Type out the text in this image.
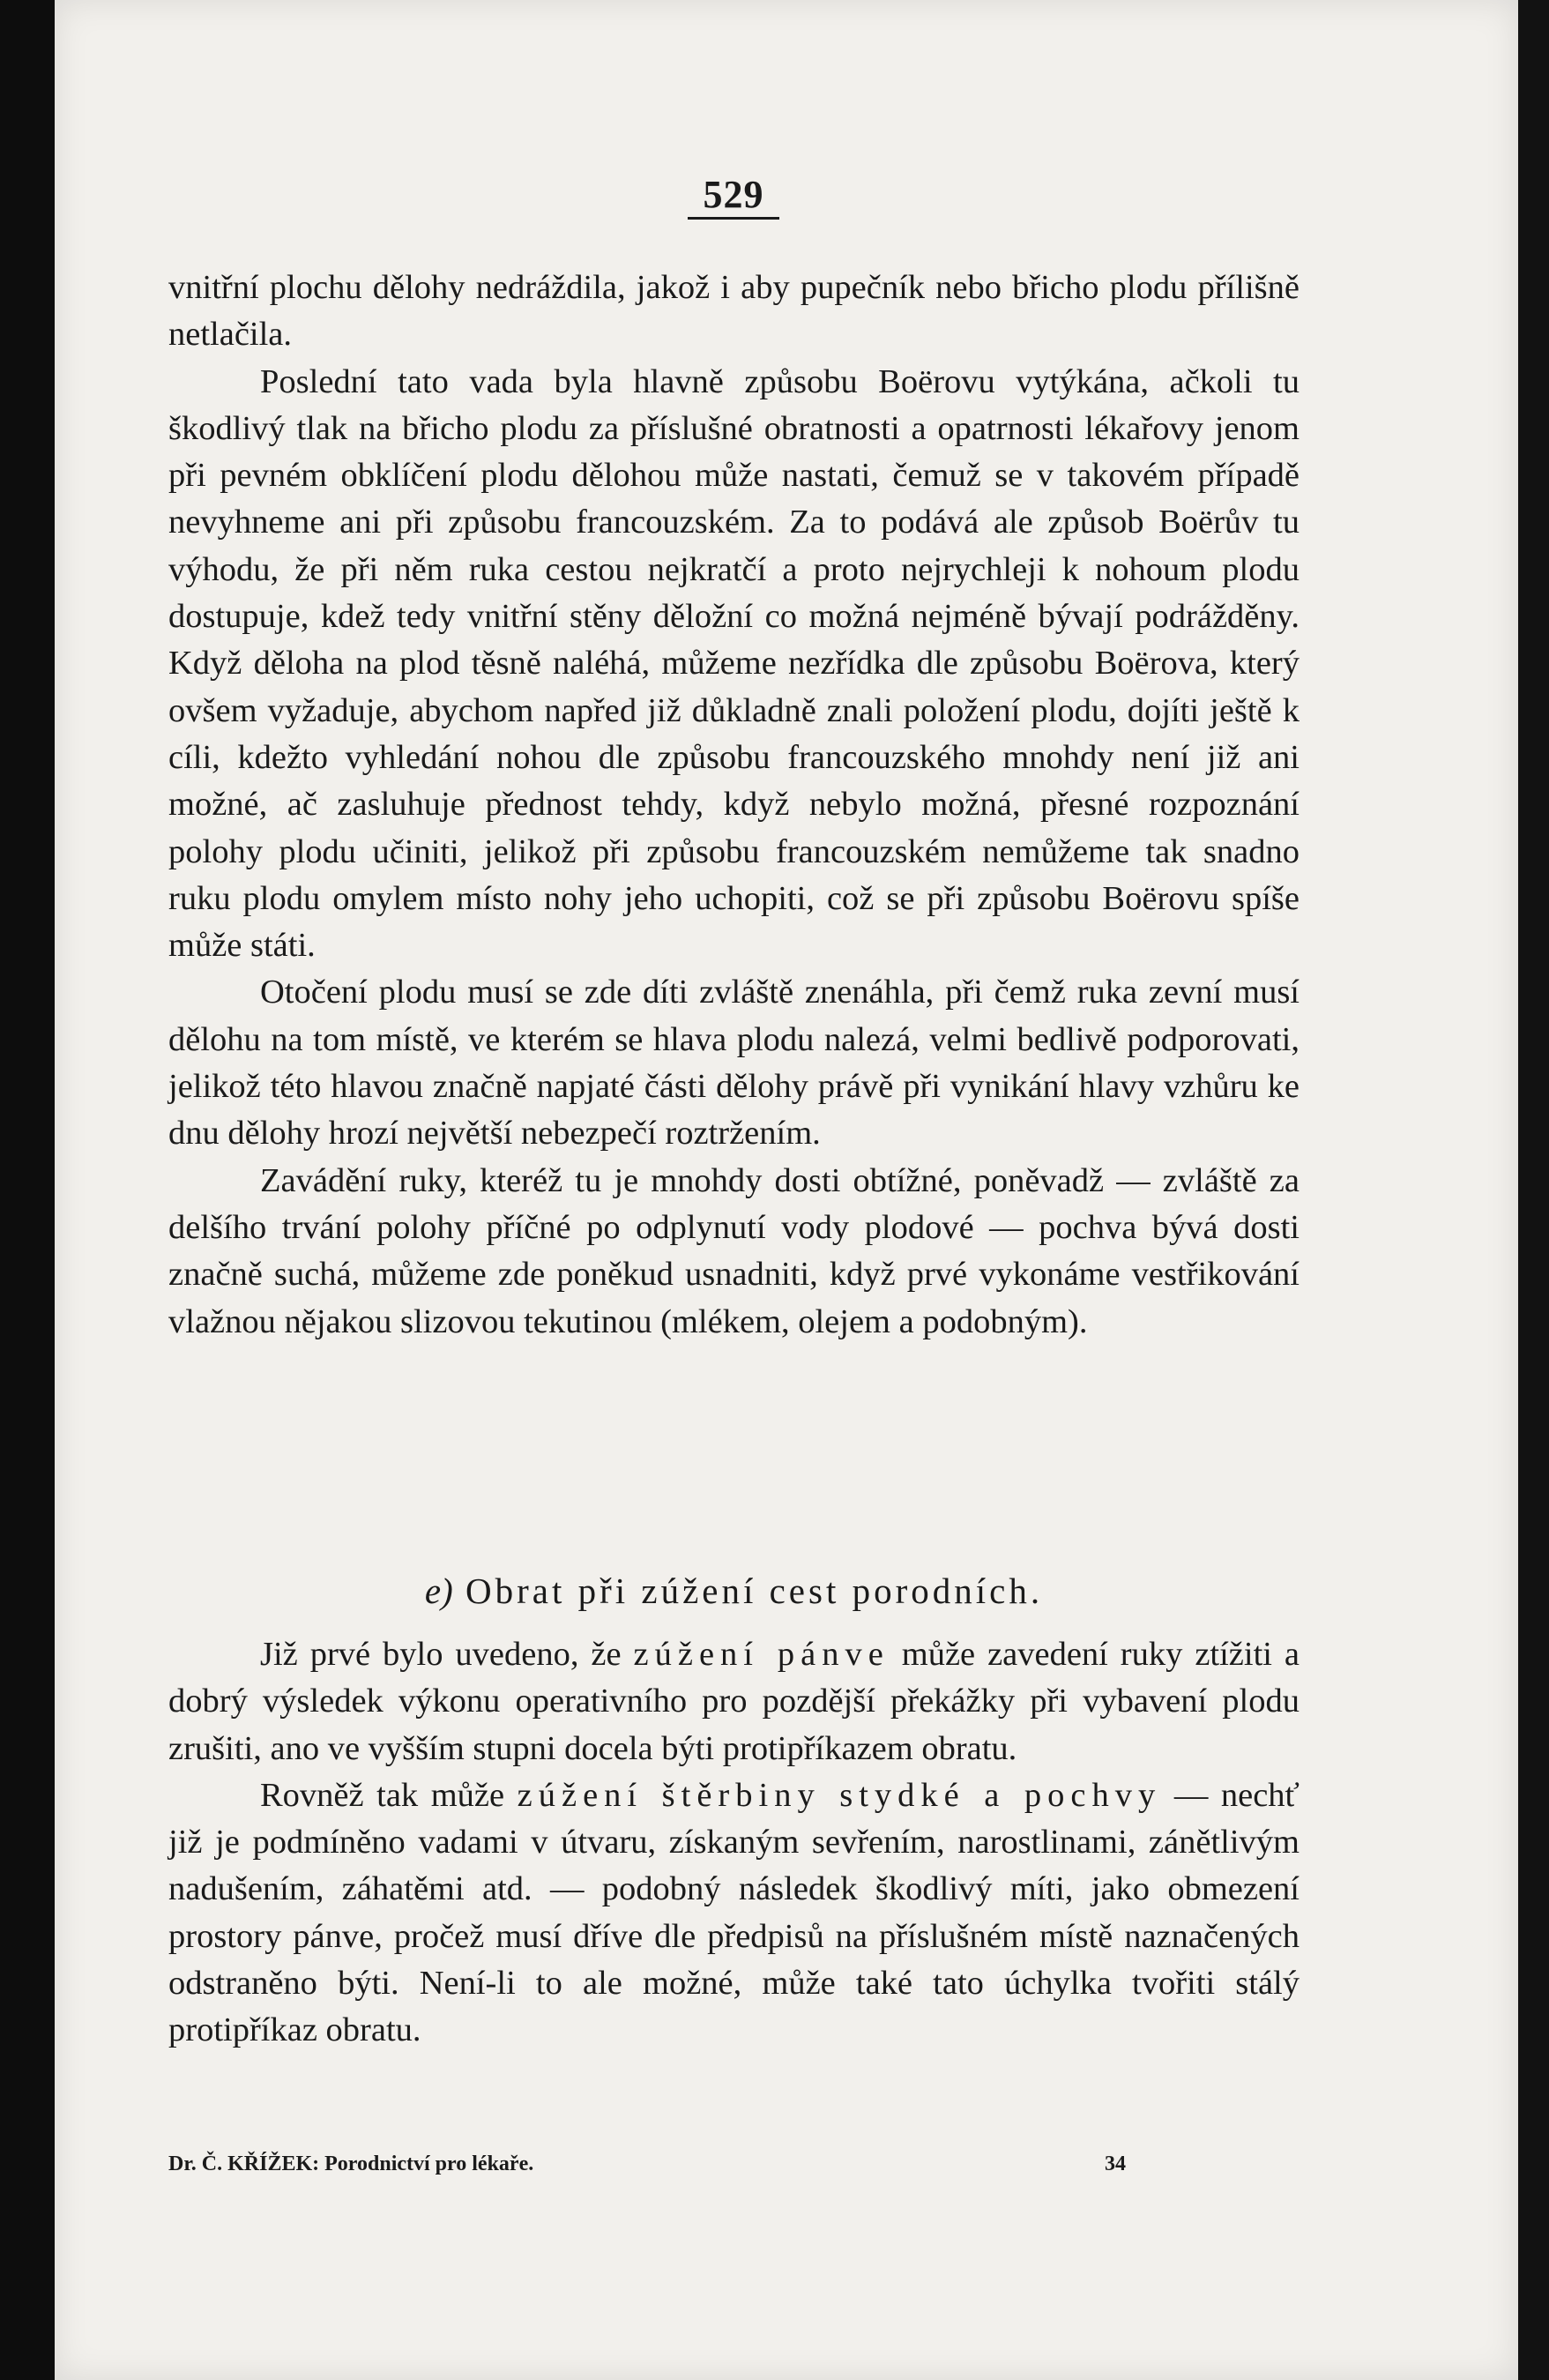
529

vnitřní plochu dělohy nedráždila, jakož i aby pupečník nebo břicho plodu přílišně netlačila.

Poslední tato vada byla hlavně způsobu Boërovu vytýkána, ačkoli tu škodlivý tlak na břicho plodu za příslušné obratnosti a opatrnosti lékařovy jenom při pevném obklíčení plodu dělohou může nastati, čemuž se v takovém případě nevyhneme ani při způsobu francouzském. Za to podává ale způsob Boërův tu výhodu, že při něm ruka cestou nejkratčí a proto nejrychleji k nohoum plodu dostupuje, kdež tedy vnitřní stěny děložní co možná nejméně bývají podrážděny. Když děloha na plod těsně naléhá, můžeme nezřídka dle způsobu Boërova, který ovšem vyžaduje, abychom napřed již důkladně znali položení plodu, dojíti ještě k cíli, kdežto vyhledání nohou dle způsobu francouzského mnohdy není již ani možné, ač zasluhuje přednost tehdy, když nebylo možná, přesné rozpoznání polohy plodu učiniti, jelikož při způsobu francouzském nemůžeme tak snadno ruku plodu omylem místo nohy jeho uchopiti, což se při způsobu Boërovu spíše může státi.

Otočení plodu musí se zde díti zvláště znenáhla, při čemž ruka zevní musí dělohu na tom místě, ve kterém se hlava plodu nalezá, velmi bedlivě podporovati, jelikož této hlavou značně napjaté části dělohy právě při vynikání hlavy vzhůru ke dnu dělohy hrozí největší nebezpečí roztržením.

Zavádění ruky, kteréž tu je mnohdy dosti obtížné, poněvadž — zvláště za delšího trvání polohy příčné po odplynutí vody plodové — pochva bývá dosti značně suchá, můžeme zde poněkud usnadniti, když prvé vykonáme vestřikování vlažnou nějakou slizovou tekutinou (mlékem, olejem a podobným).

e) Obrat při zúžení cest porodních.

Již prvé bylo uvedeno, že zúžení pánve může zavedení ruky ztížiti a dobrý výsledek výkonu operativního pro pozdější překážky při vybavení plodu zrušiti, ano ve vyšším stupni docela býti protipříkazem obratu.

Rovněž tak může zúžení štěrbiny stydké a pochvy — nechť již je podmíněno vadami v útvaru, získaným sevřením, narostlinami, zánětlivým nadušením, záhatěmi atd. — podobný následek škodlivý míti, jako obmezení prostory pánve, pročež musí dříve dle předpisů na příslušném místě naznačených odstraněno býti. Není-li to ale možné, může také tato úchylka tvořiti stálý protipříkaz obratu.

Dr. Č. KŘÍŽEK: Porodnictví pro lékaře.	34
